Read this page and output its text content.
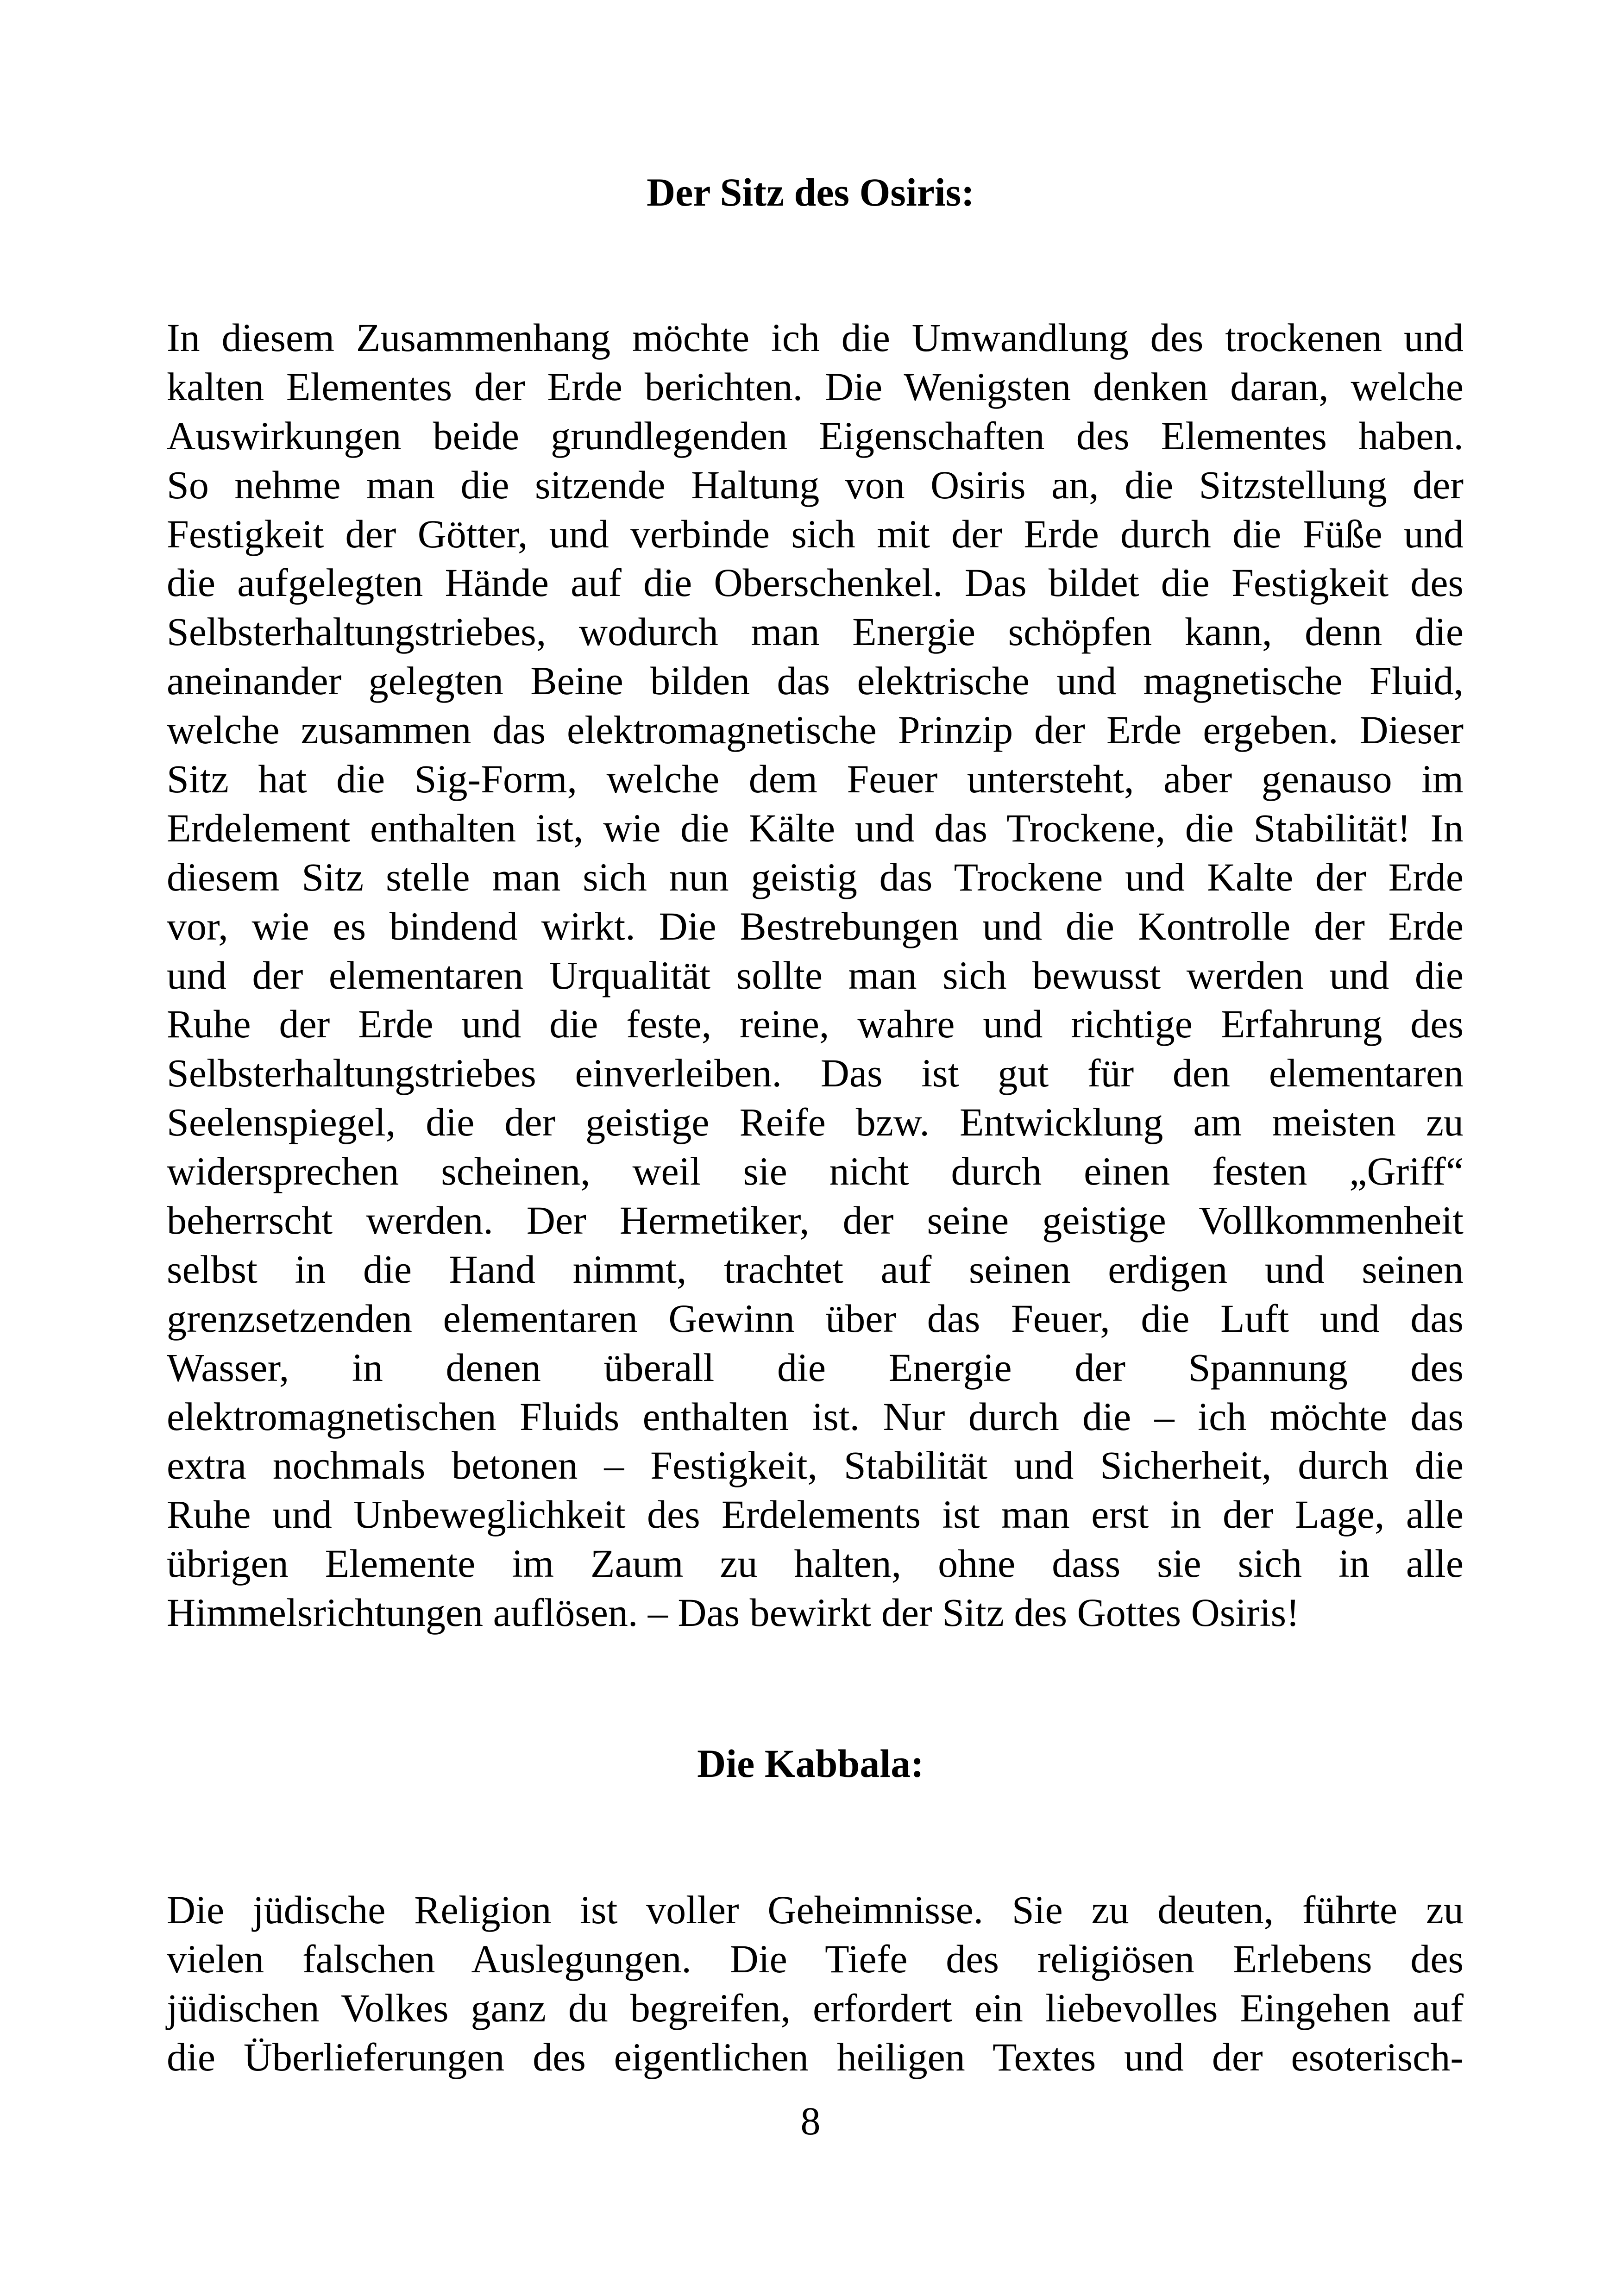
Der Sitz des Osiris:
In diesem Zusammenhang möchte ich die Umwandlung des trockenen und
kalten Elementes der Erde berichten. Die Wenigsten denken daran, welche
Auswirkungen beide grundlegenden Eigenschaften des Elementes haben.
So nehme man die sitzende Haltung von Osiris an, die Sitzstellung der
Festigkeit der Götter, und verbinde sich mit der Erde durch die Füße und
die aufgelegten Hände auf die Oberschenkel. Das bildet die Festigkeit des
Selbsterhaltungstriebes, wodurch man Energie schöpfen kann, denn die
aneinander gelegten Beine bilden das elektrische und magnetische Fluid,
welche zusammen das elektromagnetische Prinzip der Erde ergeben. Dieser
Sitz hat die Sig-Form, welche dem Feuer untersteht, aber genauso im
Erdelement enthalten ist, wie die Kälte und das Trockene, die Stabilität! In
diesem Sitz stelle man sich nun geistig das Trockene und Kalte der Erde
vor, wie es bindend wirkt. Die Bestrebungen und die Kontrolle der Erde
und der elementaren Urqualität sollte man sich bewusst werden und die
Ruhe der Erde und die feste, reine, wahre und richtige Erfahrung des
Selbsterhaltungstriebes einverleiben. Das ist gut für den elementaren
Seelenspiegel, die der geistige Reife bzw. Entwicklung am meisten zu
widersprechen scheinen, weil sie nicht durch einen festen „Griff“
beherrscht werden. Der Hermetiker, der seine geistige Vollkommenheit
selbst in die Hand nimmt, trachtet auf seinen erdigen und seinen
grenzsetzenden elementaren Gewinn über das Feuer, die Luft und das
Wasser, in denen überall die Energie der Spannung des
elektromagnetischen Fluids enthalten ist. Nur durch die – ich möchte das
extra nochmals betonen – Festigkeit, Stabilität und Sicherheit, durch die
Ruhe und Unbeweglichkeit des Erdelements ist man erst in der Lage, alle
übrigen Elemente im Zaum zu halten, ohne dass sie sich in alle
Himmelsrichtungen auflösen. – Das bewirkt der Sitz des Gottes Osiris!
Die Kabbala:
Die jüdische Religion ist voller Geheimnisse. Sie zu deuten, führte zu
vielen falschen Auslegungen. Die Tiefe des religiösen Erlebens des
jüdischen Volkes ganz du begreifen, erfordert ein liebevolles Eingehen auf
die Überlieferungen des eigentlichen heiligen Textes und der esoterisch-
8
